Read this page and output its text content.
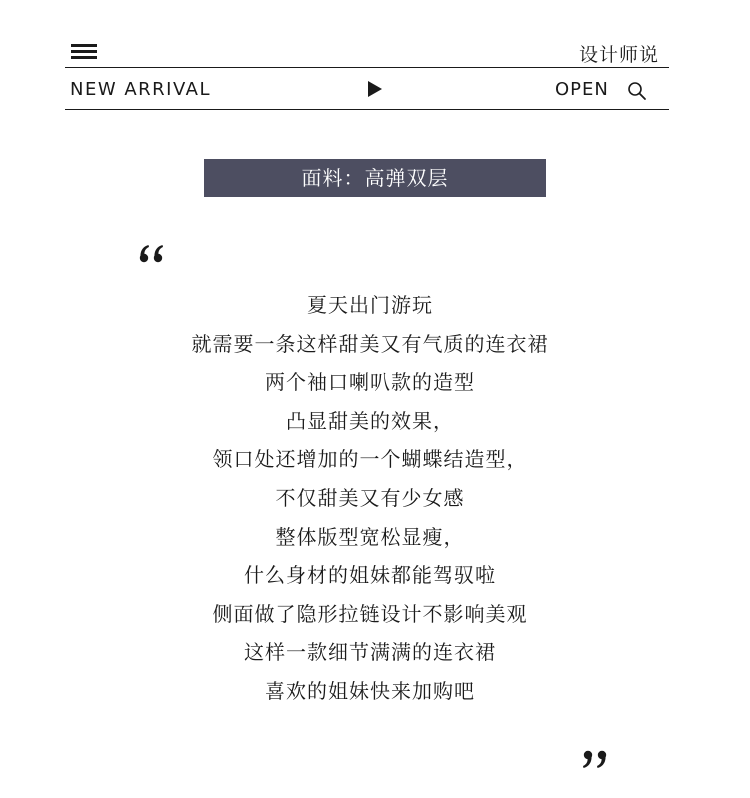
设计师说
NEW ARRIVAL	OPEN
面料：高弹双层
夏天出门游玩
就需要一条这样甜美又有气质的连衣裙
两个袖口喇叭款的造型
凸显甜美的效果，
领口处还增加的一个蝴蝶结造型，
不仅甜美又有少女感
整体版型宽松显瘦，
什么身材的姐妹都能驾驭啦
侧面做了隐形拉链设计不影响美观
这样一款细节满满的连衣裙
喜欢的姐妹快来加购吧
